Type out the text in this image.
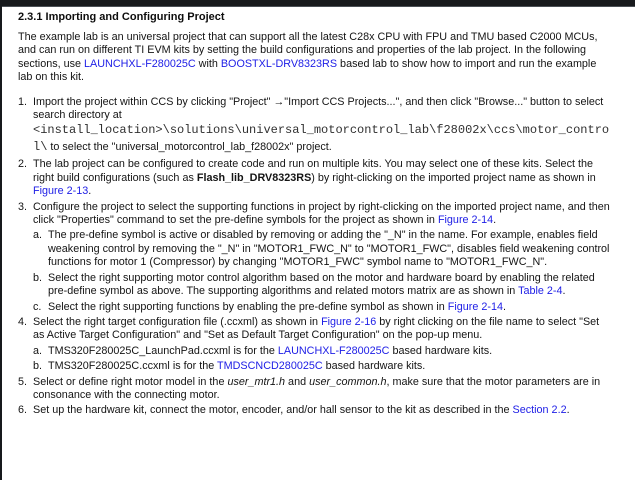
2.3.1 Importing and Configuring Project
The example lab is an universal project that can support all the latest C28x CPU with FPU and TMU based C2000 MCUs, and can run on different TI EVM kits by setting the build configurations and properties of the lab project. In the following sections, use LAUNCHXL-F280025C with BOOSTXL-DRV8323RS based lab to show how to import and run the example lab on this kit.
1. Import the project within CCS by clicking "Project" →"Import CCS Projects...", and then click "Browse..." button to select search directory at
<install_location>\solutions\universal_motorcontrol_lab\f28002x\ccs\motor_control\ to select the "universal_motorcontrol_lab_f28002x" project.
2. The lab project can be configured to create code and run on multiple kits. You may select one of these kits. Select the right build configurations (such as Flash_lib_DRV8323RS) by right-clicking on the imported project name as shown in Figure 2-13.
3. Configure the project to select the supporting functions in project by right-clicking on the imported project name, and then click "Properties" command to set the pre-define symbols for the project as shown in Figure 2-14.
a. The pre-define symbol is active or disabled by removing or adding the "_N" in the name. For example, enables field weakening control by removing the "_N" in "MOTOR1_FWC_N" to "MOTOR1_FWC", disables field weakening control functions for motor 1 (Compressor) by changing "MOTOR1_FWC" symbol name to "MOTOR1_FWC_N".
b. Select the right supporting motor control algorithm based on the motor and hardware board by enabling the related pre-define symbol as above. The supporting algorithms and related motors matrix are as shown in Table 2-4.
c. Select the right supporting functions by enabling the pre-define symbol as shown in Figure 2-14.
4. Select the right target configuration file (.ccxml) as shown in Figure 2-16 by right clicking on the file name to select "Set as Active Target Configuration" and "Set as Default Target Configuration" on the pop-up menu.
a. TMS320F280025C_LaunchPad.ccxml is for the LAUNCHXL-F280025C based hardware kits.
b. TMS320F280025C.ccxml is for the TMDSCNCD280025C based hardware kits.
5. Select or define right motor model in the user_mtr1.h and user_common.h, make sure that the motor parameters are in consonance with the connecting motor.
6. Set up the hardware kit, connect the motor, encoder, and/or hall sensor to the kit as described in the Section 2.2.
